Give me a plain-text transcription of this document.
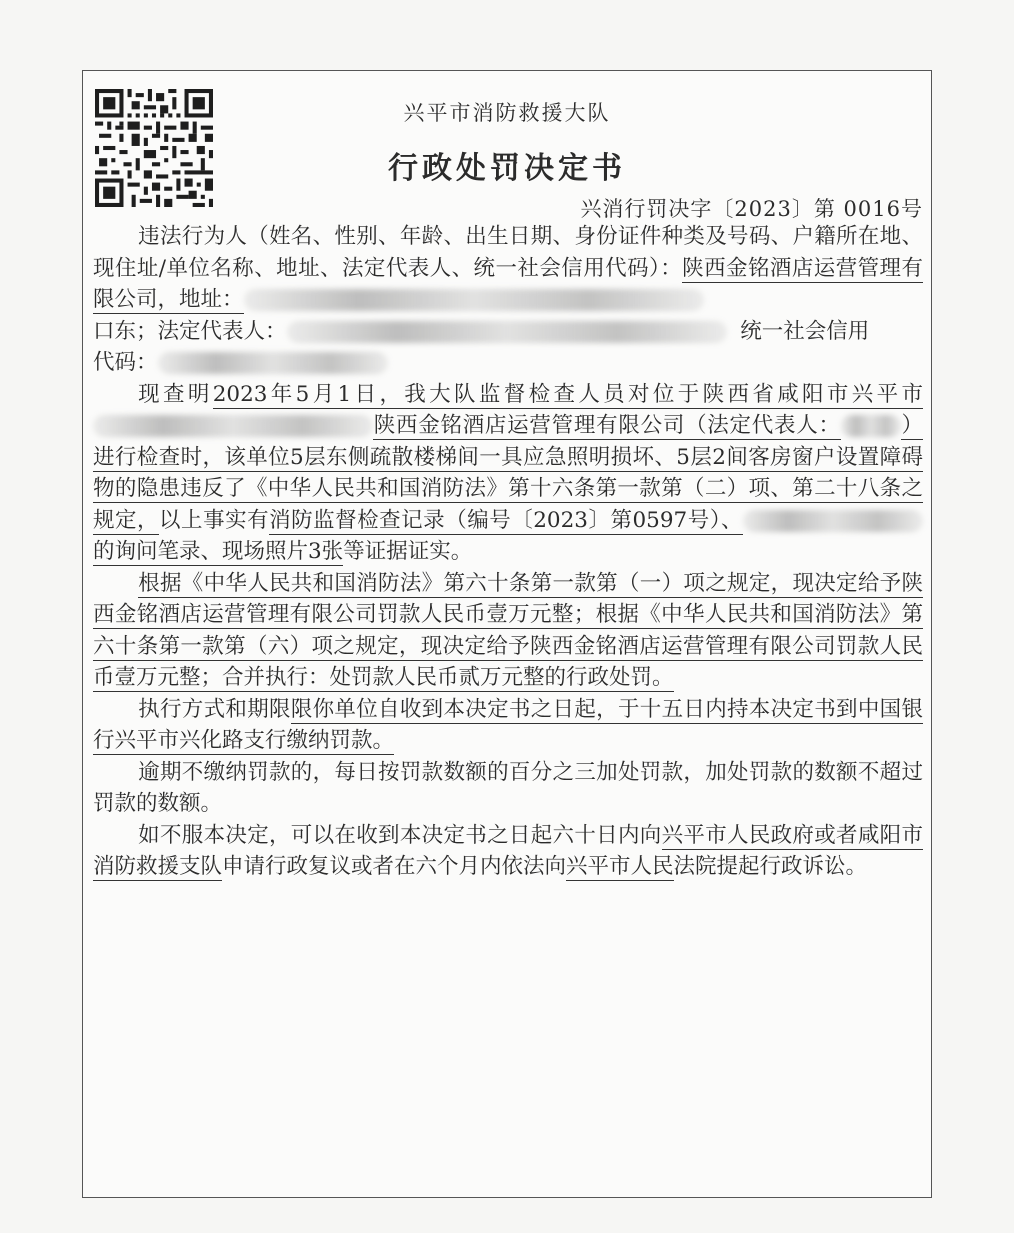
兴平市消防救援大队
行政处罚决定书
兴消行罚决字〔2023〕第 0016号

违法行为人（姓名、性别、年龄、出生日期、身份证件种类及号码、户籍所在地、现住址/单位名称、地址、法定代表人、统一社会信用代码）：陕西金铭酒店运营管理有限公司，地址：
口东；法定代表人：	统一社会信用
代码：

现查明2023年5月1日，我大队监督检查人员对位于陕西省咸阳市兴平市陕西金铭酒店运营管理有限公司（法定代表人：	）进行检查时，该单位5层东侧疏散楼梯间一具应急照明损坏、5层2间客房窗户设置障碍物的隐患违反了《中华人民共和国消防法》第十六条第一款第（二）项、第二十八条之规定，以上事实有消防监督检查记录（编号〔2023〕第0597号）、的询问笔录、现场照片3张等证据证实。

根据《中华人民共和国消防法》第六十条第一款第（一）项之规定，现决定给予陕西金铭酒店运营管理有限公司罚款人民币壹万元整；根据《中华人民共和国消防法》第六十条第一款第（六）项之规定，现决定给予陕西金铭酒店运营管理有限公司罚款人民币壹万元整；合并执行：处罚款人民币贰万元整的行政处罚。

执行方式和期限限你单位自收到本决定书之日起，于十五日内持本决定书到中国银行兴平市兴化路支行缴纳罚款。

逾期不缴纳罚款的，每日按罚款数额的百分之三加处罚款，加处罚款的数额不超过罚款的数额。

如不服本决定，可以在收到本决定书之日起六十日内向兴平市人民政府或者咸阳市消防救援支队申请行政复议或者在六个月内依法向兴平市人民法院提起行政诉讼。
